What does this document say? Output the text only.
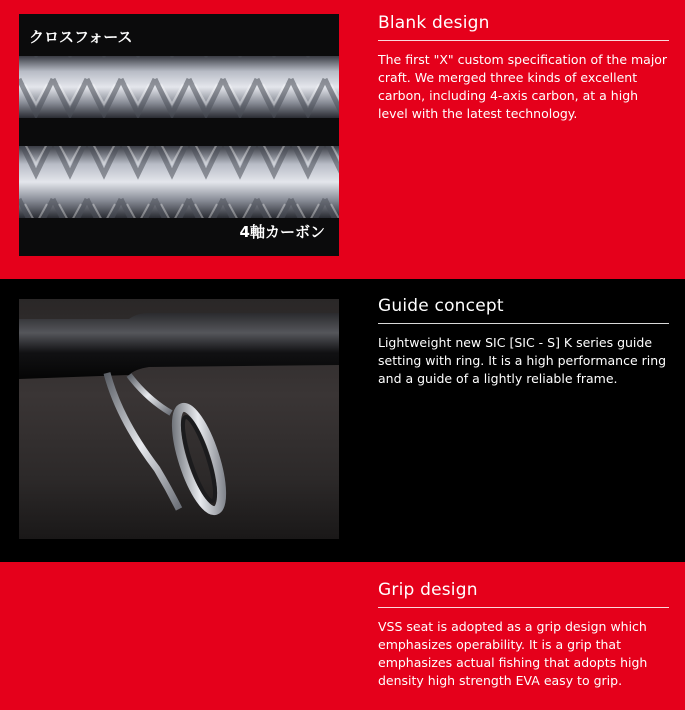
クロスフォース
4軸カーボン
Blank design
The first "X" custom specification of the major craft. We merged three kinds of excellent carbon, including 4-axis carbon, at a high level with the latest technology.
Guide concept
Lightweight new SIC [SIC - S] K series guide setting with ring. It is a high performance ring and a guide of a lightly reliable frame.
Grip design
VSS seat is adopted as a grip design which emphasizes operability. It is a grip that emphasizes actual fishing that adopts high density high strength EVA easy to grip.
